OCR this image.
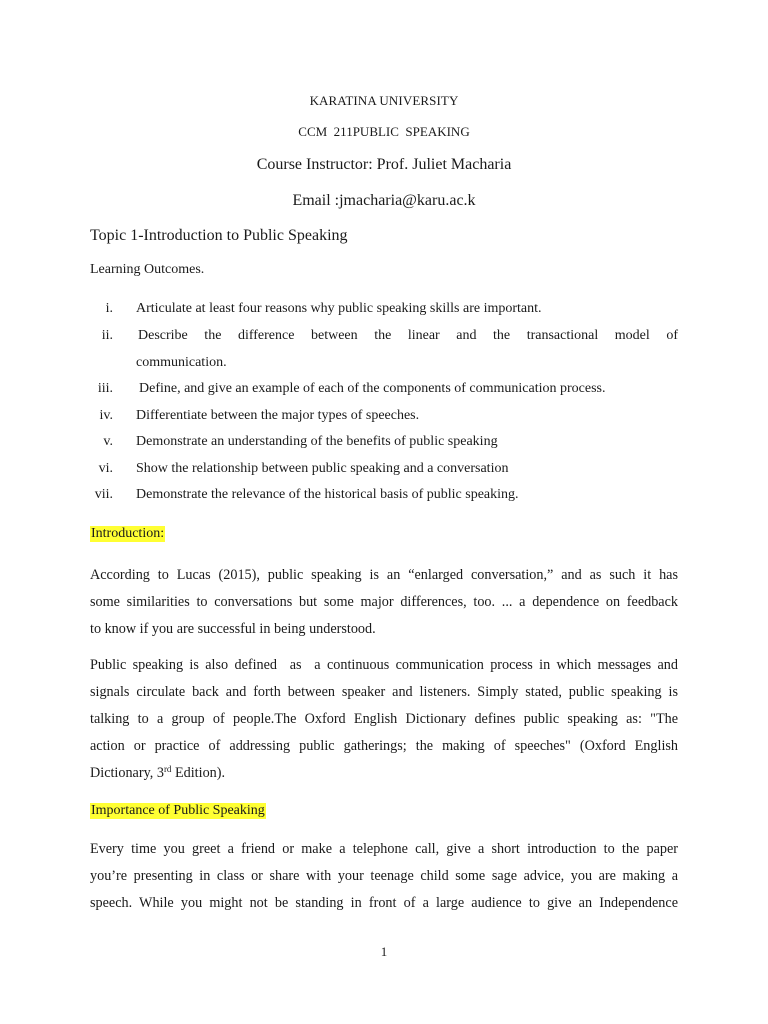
KARATINA UNIVERSITY
CCM  211PUBLIC  SPEAKING
Course Instructor: Prof. Juliet Macharia
Email :jmacharia@karu.ac.k
Topic 1-Introduction to Public Speaking
Learning Outcomes.
i. Articulate at least four reasons why public speaking skills are important.
ii. Describe the difference between the linear and the transactional model of
communication.
iii. Define, and give an example of each of the components of communication process.
iv. Differentiate between the major types of speeches.
v. Demonstrate an understanding of the benefits of public speaking
vi. Show the relationship between public speaking and a conversation
vii. Demonstrate the relevance of the historical basis of public speaking.
Introduction:
According to Lucas (2015), public speaking is an “enlarged conversation,” and as such it has
some similarities to conversations but some major differences, too. ... a dependence on feedback
to know if you are successful in being understood.
Public speaking is also defined  as  a continuous communication process in which messages and
signals circulate back and forth between speaker and listeners. Simply stated, public speaking is
talking to a group of people.The Oxford English Dictionary defines public speaking as: "The
action or practice of addressing public gatherings; the making of speeches" (Oxford English
Dictionary, 3rd Edition).
Importance of Public Speaking
Every time you greet a friend or make a telephone call, give a short introduction to the paper
you’re presenting in class or share with your teenage child some sage advice, you are making a
speech. While you might not be standing in front of a large audience to give an Independence
1
